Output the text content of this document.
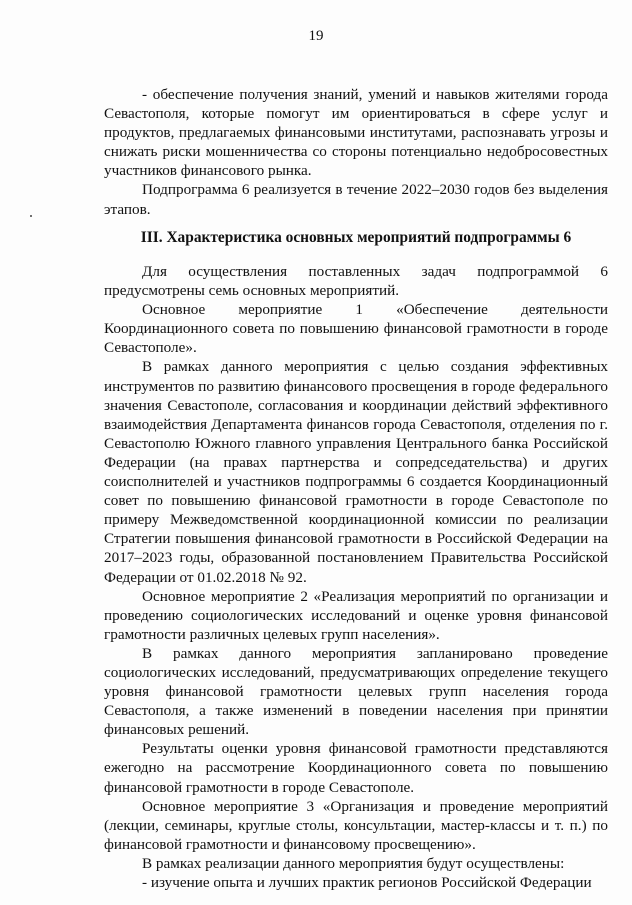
19

- обеспечение получения знаний, умений и навыков жителями города Севастополя, которые помогут им ориентироваться в сфере услуг и продуктов, предлагаемых финансовыми институтами, распознавать угрозы и снижать риски мошенничества со стороны потенциально недобросовестных участников финансового рынка.

Подпрограмма 6 реализуется в течение 2022–2030 годов без выделения этапов.

III. Характеристика основных мероприятий подпрограммы 6

Для осуществления поставленных задач подпрограммой 6 предусмотрены семь основных мероприятий.

Основное мероприятие 1 «Обеспечение деятельности Координационного совета по повышению финансовой грамотности в городе Севастополе».

В рамках данного мероприятия с целью создания эффективных инструментов по развитию финансового просвещения в городе федерального значения Севастополе, согласования и координации действий эффективного взаимодействия Департамента финансов города Севастополя, отделения по г. Севастополю Южного главного управления Центрального банка Российской Федерации (на правах партнерства и сопредседательства) и других соисполнителей и участников подпрограммы 6 создается Координационный совет по повышению финансовой грамотности в городе Севастополе по примеру Межведомственной координационной комиссии по реализации Стратегии повышения финансовой грамотности в Российской Федерации на 2017–2023 годы, образованной постановлением Правительства Российской Федерации от 01.02.2018 № 92.

Основное мероприятие 2 «Реализация мероприятий по организации и проведению социологических исследований и оценке уровня финансовой грамотности различных целевых групп населения».

В рамках данного мероприятия запланировано проведение социологических исследований, предусматривающих определение текущего уровня финансовой грамотности целевых групп населения города Севастополя, а также изменений в поведении населения при принятии финансовых решений.

Результаты оценки уровня финансовой грамотности представляются ежегодно на рассмотрение Координационного совета по повышению финансовой грамотности в городе Севастополе.

Основное мероприятие 3 «Организация и проведение мероприятий (лекции, семинары, круглые столы, консультации, мастер-классы и т. п.) по финансовой грамотности и финансовому просвещению».

В рамках реализации данного мероприятия будут осуществлены:

- изучение опыта и лучших практик регионов Российской Федерации
